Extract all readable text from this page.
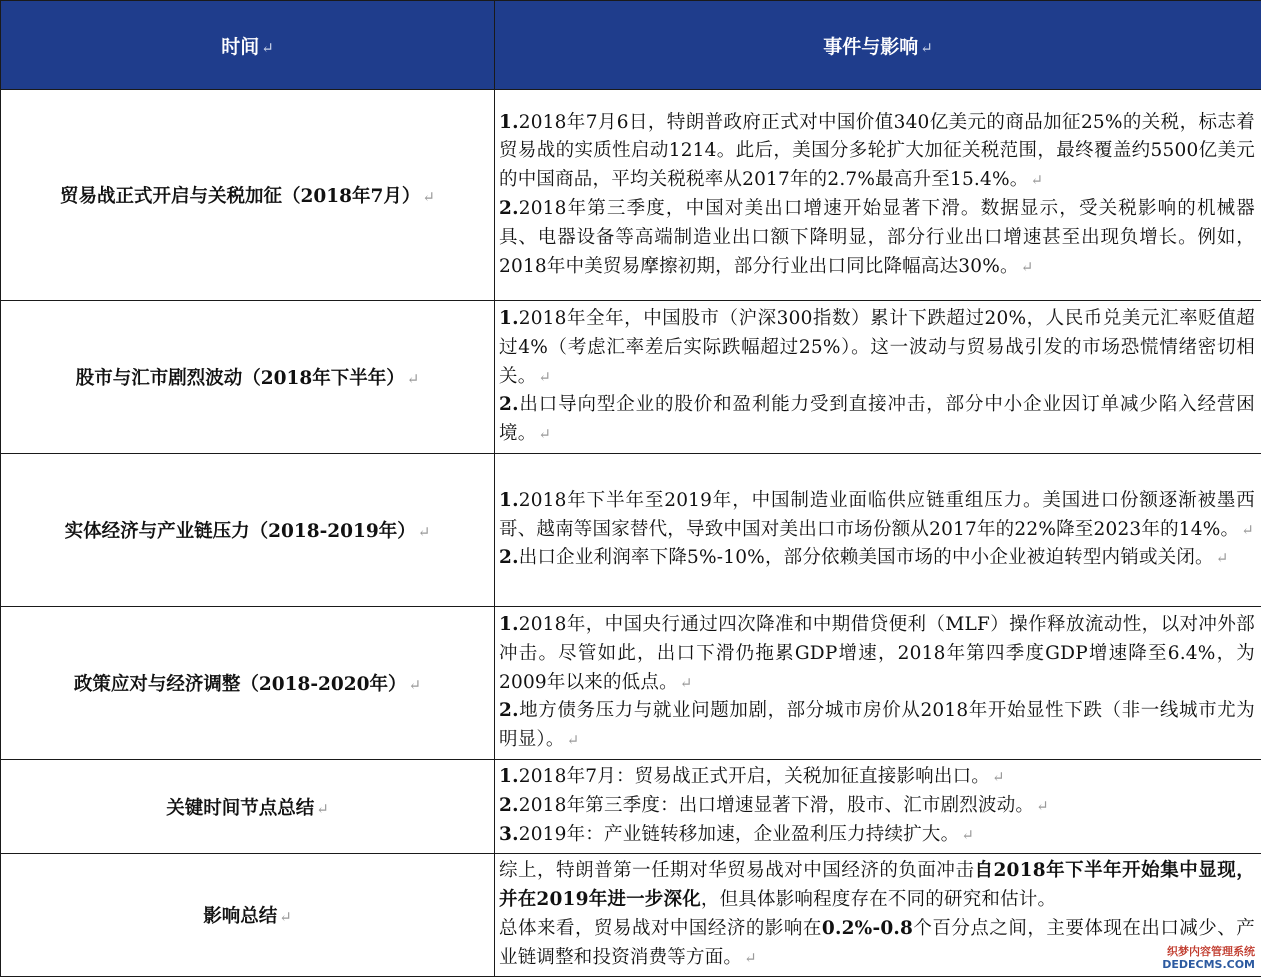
时间 ↵	事件与影响 ↵
贸易战正式开启与关税加征（2018年7月） ↵	1.2018年7月6日，特朗普政府正式对中国价值340亿美元的商品加征25%的关税，标志着贸易战的实质性启动1214。此后，美国分多轮扩大加征关税范围，最终覆盖约5500亿美元的中国商品，平均关税税率从2017年的2.7%最高升至15.4%。 ↵

2.2018年第三季度，中国对美出口增速开始显著下滑。数据显示，受关税影响的机械器具、电器设备等高端制造业出口额下降明显，部分行业出口增速甚至出现负增长。例如，2018年中美贸易摩擦初期，部分行业出口同比降幅高达30%。 ↵

股市与汇市剧烈波动（2018年下半年） ↵	1.2018年全年，中国股市（沪深300指数）累计下跌超过20%，人民币兑美元汇率贬值超过4%（考虑汇率差后实际跌幅超过25%）。这一波动与贸易战引发的市场恐慌情绪密切相关。 ↵

2.出口导向型企业的股价和盈利能力受到直接冲击，部分中小企业因订单减少陷入经营困境。 ↵

实体经济与产业链压力（2018-2019年） ↵	1.2018年下半年至2019年，中国制造业面临供应链重组压力。美国进口份额逐渐被墨西哥、越南等国家替代，导致中国对美出口市场份额从2017年的22%降至2023年的14%。 ↵

2.出口企业利润率下降5%-10%，部分依赖美国市场的中小企业被迫转型内销或关闭。 ↵

政策应对与经济调整（2018-2020年） ↵	1.2018年，中国央行通过四次降准和中期借贷便利（MLF）操作释放流动性，以对冲外部冲击。尽管如此，出口下滑仍拖累GDP增速，2018年第四季度GDP增速降至6.4%，为2009年以来的低点。 ↵

2.地方债务压力与就业问题加剧，部分城市房价从2018年开始显性下跌（非一线城市尤为明显）。 ↵

关键时间节点总结 ↵	1.2018年7月：贸易战正式开启，关税加征直接影响出口。 ↵

2.2018年第三季度：出口增速显著下滑，股市、汇市剧烈波动。 ↵

3.2019年：产业链转移加速，企业盈利压力持续扩大。 ↵

影响总结 ↵	综上，特朗普第一任期对华贸易战对中国经济的负面冲击自2018年下半年开始集中显现，并在2019年进一步深化，但具体影响程度存在不同的研究和估计。

总体来看，贸易战对中国经济的影响在0.2%-0.8个百分点之间，主要体现在出口减少、产业链调整和投资消费等方面。 ↵	织梦内容管理系统
DEDECMS.COM
